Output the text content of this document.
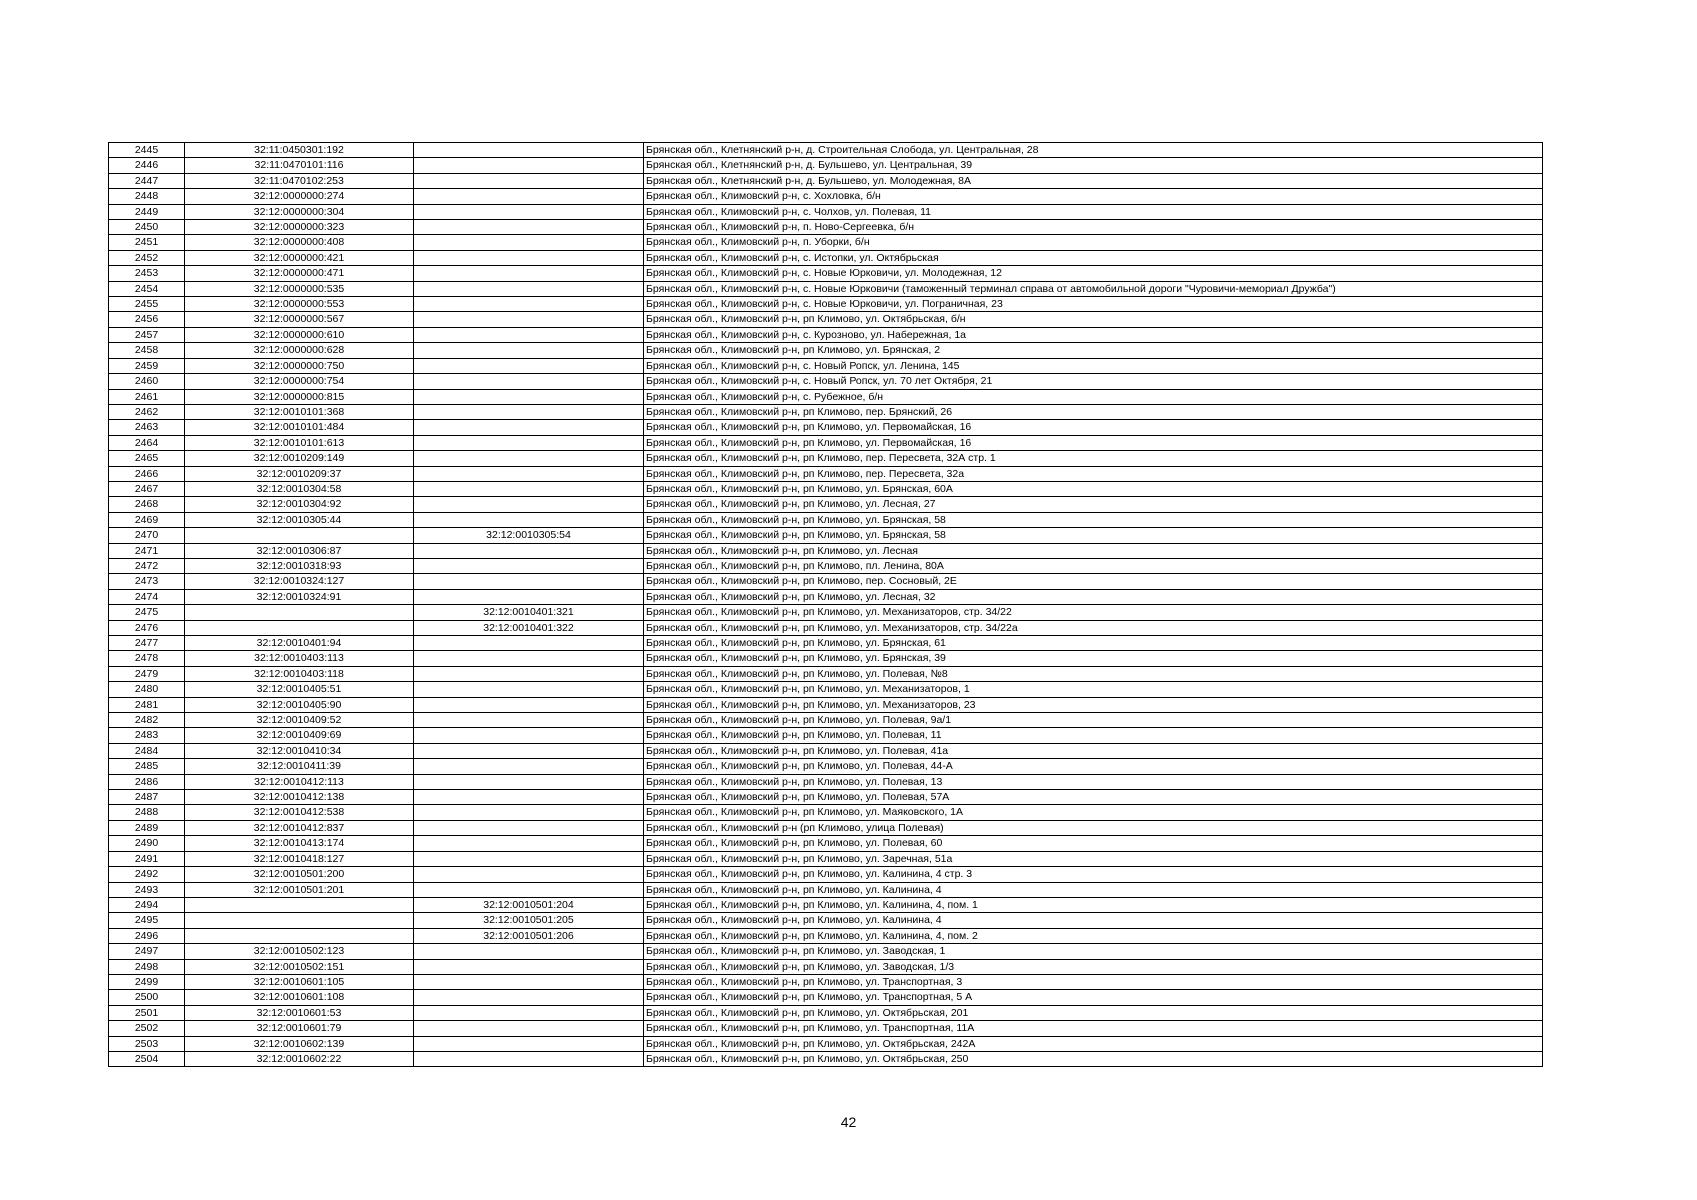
2445	32:11:0450301:192		Брянская обл., Клетнянский р-н, д. Строительная Слобода, ул. Центральная, 28
2446	32:11:0470101:116		Брянская обл., Клетнянский р-н, д. Бульшево, ул. Центральная, 39
2447	32:11:0470102:253		Брянская обл., Клетнянский р-н, д. Бульшево, ул. Молодежная, 8А
2448	32:12:0000000:274		Брянская обл., Климовский р-н, с. Хохловка, б/н
2449	32:12:0000000:304		Брянская обл., Климовский р-н, с. Чолхов, ул. Полевая, 11
2450	32:12:0000000:323		Брянская обл., Климовский р-н, п. Ново-Сергеевка, б/н
2451	32:12:0000000:408		Брянская обл., Климовский р-н, п. Уборки, б/н
2452	32:12:0000000:421		Брянская обл., Климовский р-н, с. Истопки, ул. Октябрьская
2453	32:12:0000000:471		Брянская обл., Климовский р-н, с. Новые Юрковичи, ул. Молодежная, 12
2454	32:12:0000000:535		Брянская обл., Климовский р-н, с. Новые Юрковичи (таможенный терминал справа от автомобильной дороги "Чуровичи-мемориал Дружба")
2455	32:12:0000000:553		Брянская обл., Климовский р-н, с. Новые Юрковичи, ул. Пограничная, 23
2456	32:12:0000000:567		Брянская обл., Климовский р-н, рп Климово, ул. Октябрьская, б/н
2457	32:12:0000000:610		Брянская обл., Климовский р-н, с. Курозново, ул. Набережная, 1а
2458	32:12:0000000:628		Брянская обл., Климовский р-н, рп Климово, ул. Брянская, 2
2459	32:12:0000000:750		Брянская обл., Климовский р-н, с. Новый Ропск, ул. Ленина, 145
2460	32:12:0000000:754		Брянская обл., Климовский р-н, с. Новый Ропск, ул. 70 лет Октября, 21
2461	32:12:0000000:815		Брянская обл., Климовский р-н, с. Рубежное, б/н
2462	32:12:0010101:368		Брянская обл., Климовский р-н, рп Климово, пер. Брянский, 26
2463	32:12:0010101:484		Брянская обл., Климовский р-н, рп Климово, ул. Первомайская, 16
2464	32:12:0010101:613		Брянская обл., Климовский р-н, рп Климово, ул. Первомайская, 16
2465	32:12:0010209:149		Брянская обл., Климовский р-н, рп Климово, пер. Пересвета, 32А стр. 1
2466	32:12:0010209:37		Брянская обл., Климовский р-н, рп Климово, пер. Пересвета, 32а
2467	32:12:0010304:58		Брянская обл., Климовский р-н, рп Климово, ул. Брянская, 60А
2468	32:12:0010304:92		Брянская обл., Климовский р-н, рп Климово, ул. Лесная, 27
2469	32:12:0010305:44		Брянская обл., Климовский р-н, рп Климово, ул. Брянская, 58
2470		32:12:0010305:54	Брянская обл., Климовский р-н, рп Климово, ул. Брянская, 58
2471	32:12:0010306:87		Брянская обл., Климовский р-н, рп Климово, ул. Лесная
2472	32:12:0010318:93		Брянская обл., Климовский р-н, рп Климово, пл. Ленина, 80А
2473	32:12:0010324:127		Брянская обл., Климовский р-н, рп Климово, пер. Сосновый, 2Е
2474	32:12:0010324:91		Брянская обл., Климовский р-н, рп Климово, ул. Лесная, 32
2475		32:12:0010401:321	Брянская обл., Климовский р-н, рп Климово, ул. Механизаторов, стр. 34/22
2476		32:12:0010401:322	Брянская обл., Климовский р-н, рп Климово, ул. Механизаторов, стр. 34/22а
2477	32:12:0010401:94		Брянская обл., Климовский р-н, рп Климово, ул. Брянская, 61
2478	32:12:0010403:113		Брянская обл., Климовский р-н, рп Климово, ул. Брянская, 39
2479	32:12:0010403:118		Брянская обл., Климовский р-н, рп Климово, ул. Полевая, №8
2480	32:12:0010405:51		Брянская обл., Климовский р-н, рп Климово, ул. Механизаторов, 1
2481	32:12:0010405:90		Брянская обл., Климовский р-н, рп Климово, ул. Механизаторов, 23
2482	32:12:0010409:52		Брянская обл., Климовский р-н, рп Климово, ул. Полевая, 9а/1
2483	32:12:0010409:69		Брянская обл., Климовский р-н, рп Климово, ул. Полевая, 11
2484	32:12:0010410:34		Брянская обл., Климовский р-н, рп Климово, ул. Полевая, 41а
2485	32:12:0010411:39		Брянская обл., Климовский р-н, рп Климово, ул. Полевая, 44-А
2486	32:12:0010412:113		Брянская обл., Климовский р-н, рп Климово, ул. Полевая, 13
2487	32:12:0010412:138		Брянская обл., Климовский р-н, рп Климово, ул. Полевая, 57А
2488	32:12:0010412:538		Брянская обл., Климовский р-н, рп Климово, ул. Маяковского, 1А
2489	32:12:0010412:837		Брянская обл., Климовский р-н (рп Климово, улица Полевая)
2490	32:12:0010413:174		Брянская обл., Климовский р-н, рп Климово, ул. Полевая, 60
2491	32:12:0010418:127		Брянская обл., Климовский р-н, рп Климово, ул. Заречная, 51а
2492	32:12:0010501:200		Брянская обл., Климовский р-н, рп Климово, ул. Калинина, 4 стр. 3
2493	32:12:0010501:201		Брянская обл., Климовский р-н, рп Климово, ул. Калинина, 4
2494		32:12:0010501:204	Брянская обл., Климовский р-н, рп Климово, ул. Калинина, 4, пом. 1
2495		32:12:0010501:205	Брянская обл., Климовский р-н, рп Климово, ул. Калинина, 4
2496		32:12:0010501:206	Брянская обл., Климовский р-н, рп Климово, ул. Калинина, 4, пом. 2
2497	32:12:0010502:123		Брянская обл., Климовский р-н, рп Климово, ул. Заводская, 1
2498	32:12:0010502:151		Брянская обл., Климовский р-н, рп Климово, ул. Заводская, 1/3
2499	32:12:0010601:105		Брянская обл., Климовский р-н, рп Климово, ул. Транспортная, 3
2500	32:12:0010601:108		Брянская обл., Климовский р-н, рп Климово, ул. Транспортная, 5 А
2501	32:12:0010601:53		Брянская обл., Климовский р-н, рп Климово, ул. Октябрьская, 201
2502	32:12:0010601:79		Брянская обл., Климовский р-н, рп Климово, ул. Транспортная, 11А
2503	32:12:0010602:139		Брянская обл., Климовский р-н, рп Климово, ул. Октябрьская, 242А
2504	32:12:0010602:22		Брянская обл., Климовский р-н, рп Климово, ул. Октябрьская, 250
42
